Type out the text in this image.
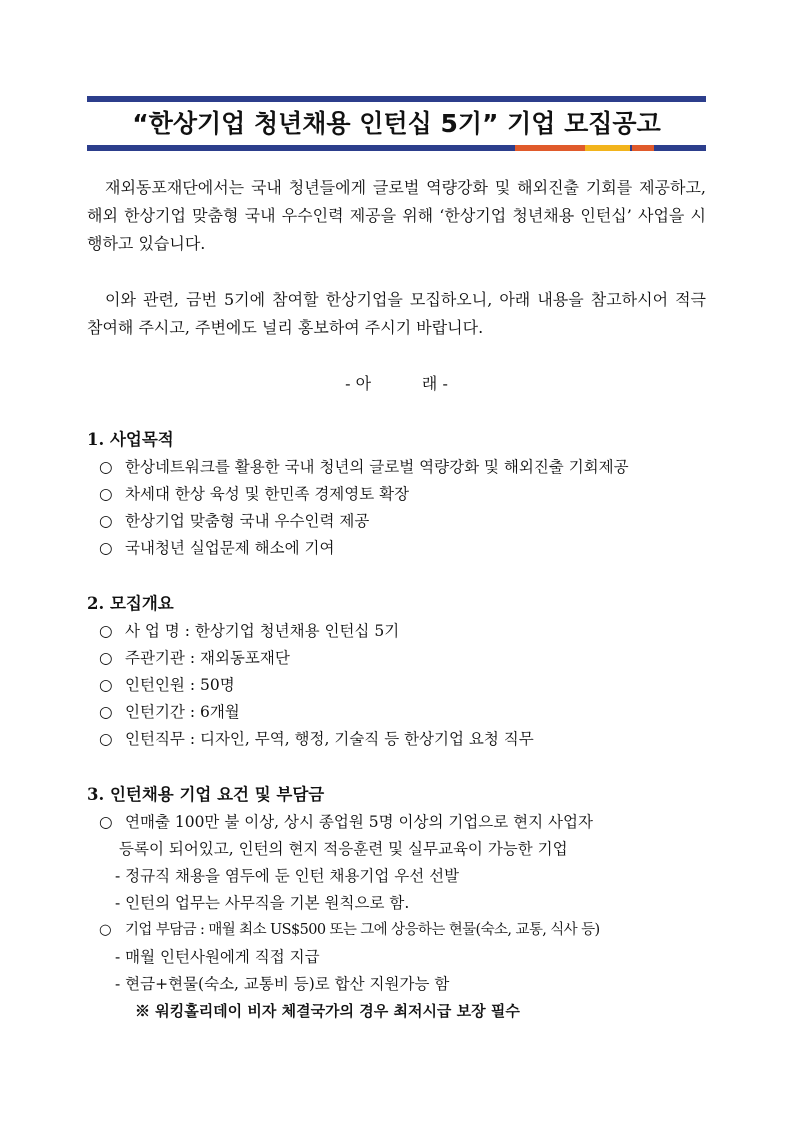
“한상기업 청년채용 인턴십 5기” 기업 모집공고

재외동포재단에서는 국내 청년들에게 글로벌 역량강화 및 해외진출 기회를 제공하고, 해외 한상기업 맞춤형 국내 우수인력 제공을 위해 ‘한상기업 청년채용 인턴십’ 사업을 시행하고 있습니다.

이와 관련, 금번 5기에 참여할 한상기업을 모집하오니, 아래 내용을 참고하시어 적극 참여해 주시고, 주변에도 널리 홍보하여 주시기 바랍니다.

- 아          래 -
1. 사업목적
○ 한상네트워크를 활용한 국내 청년의 글로벌 역량강화 및 해외진출 기회제공
○ 차세대 한상 육성 및 한민족 경제영토 확장
○ 한상기업 맞춤형 국내 우수인력 제공
○ 국내청년 실업문제 해소에 기여
2. 모집개요
○ 사 업 명 : 한상기업 청년채용 인턴십 5기
○ 주관기관 : 재외동포재단
○ 인턴인원 : 50명
○ 인턴기간 : 6개월
○ 인턴직무 : 디자인, 무역, 행정, 기술직 등 한상기업 요청 직무
3. 인턴채용 기업 요건 및 부담금
○ 연매출 100만 불 이상, 상시 종업원 5명 이상의 기업으로 현지 사업자
등록이 되어있고, 인턴의 현지 적응훈련 및 실무교육이 가능한 기업
- 정규직 채용을 염두에 둔 인턴 채용기업 우선 선발
- 인턴의 업무는 사무직을 기본 원칙으로 함.
○ 기업 부담금 : 매월 최소 US$500 또는 그에 상응하는 현물(숙소, 교통, 식사 등)
- 매월 인턴사원에게 직접 지급
- 현금+현물(숙소, 교통비 등)로 합산 지원가능 함
※ 워킹홀리데이 비자 체결국가의 경우 최저시급 보장 필수
